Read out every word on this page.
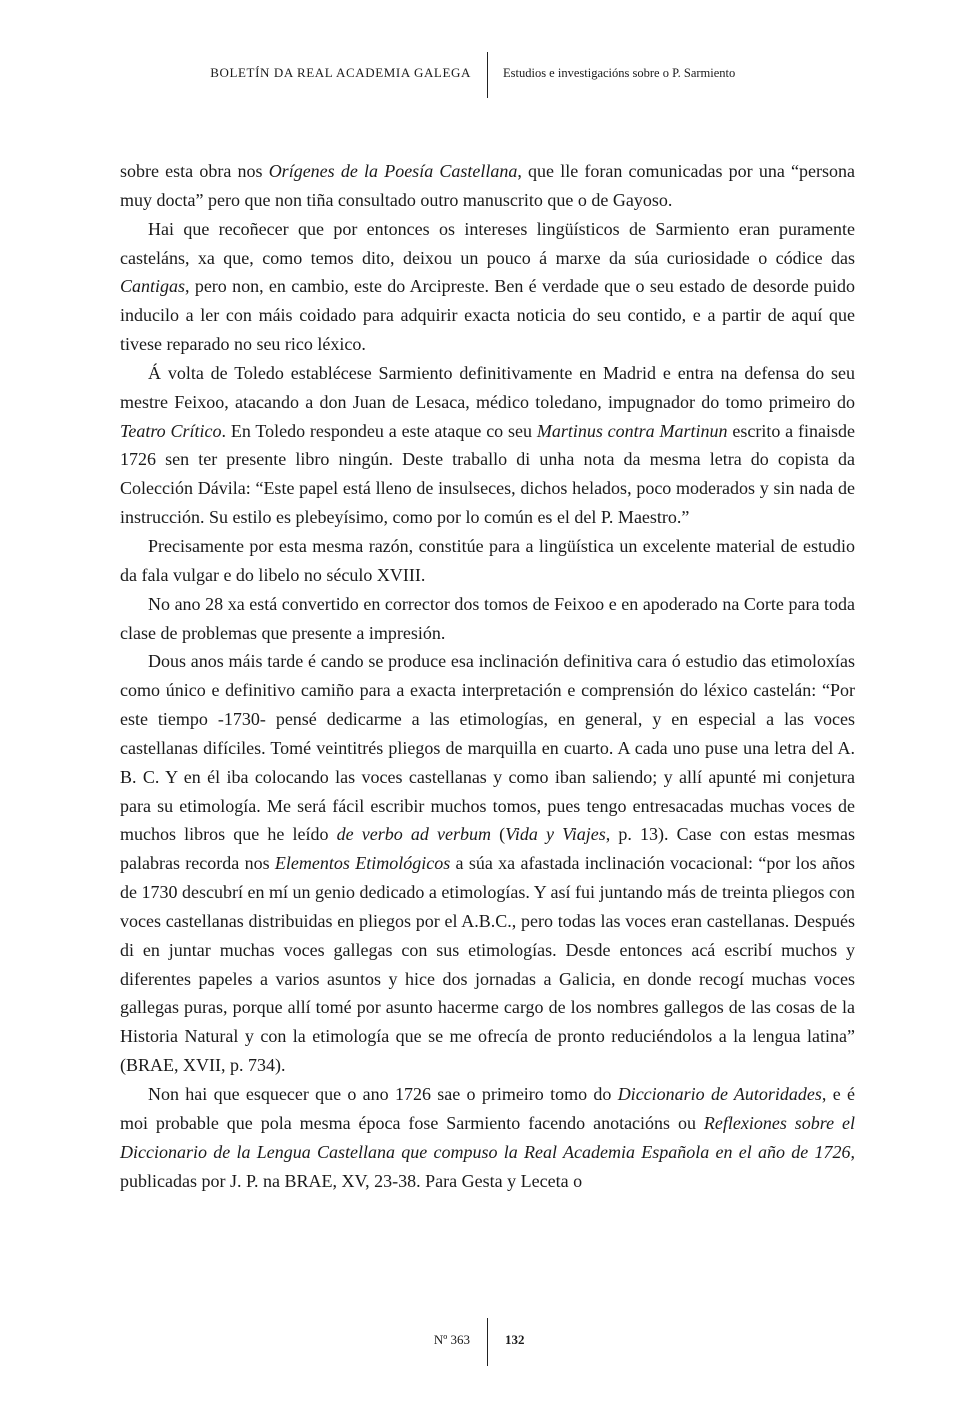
BOLETÍN DA REAL ACADEMIA GALEGA	Estudios e investigacións sobre o P. Sarmiento

sobre esta obra nos Orígenes de la Poesía Castellana, que lle foran comunicadas por una “persona muy docta” pero que non tiña consultado outro manuscrito que o de Gayoso.

Hai que recoñecer que por entonces os intereses lingüísticos de Sarmiento eran puramente casteláns, xa que, como temos dito, deixou un pouco á marxe da súa curiosidade o códice das Cantigas, pero non, en cambio, este do Arcipreste. Ben é verdade que o seu estado de desorde puido inducilo a ler con máis coidado para adquirir exacta noticia do seu contido, e a partir de aquí que tivese reparado no seu rico léxico.

Á volta de Toledo establécese Sarmiento definitivamente en Madrid e entra na defensa do seu mestre Feixoo, atacando a don Juan de Lesaca, médico toledano, impugnador do tomo primeiro do Teatro Crítico. En Toledo respondeu a este ataque co seu Martinus contra Martinun escrito a finaisde 1726 sen ter presente libro ningún. Deste traballo di unha nota da mesma letra do copista da Colección Dávila: “Este papel está lleno de insulseces, dichos helados, poco moderados y sin nada de instrucción. Su estilo es plebeyísimo, como por lo común es el del P. Maestro.”

Precisamente por esta mesma razón, constitúe para a lingüística un excelente material de estudio da fala vulgar e do libelo no século XVIII.

No ano 28 xa está convertido en corrector dos tomos de Feixoo e en apoderado na Corte para toda clase de problemas que presente a impresión.

Dous anos máis tarde é cando se produce esa inclinación definitiva cara ó estudio das etimoloxías como único e definitivo camiño para a exacta interpretación e comprensión do léxico castelán: “Por este tiempo -1730- pensé dedicarme a las etimologías, en general, y en especial a las voces castellanas difíciles. Tomé veintitrés pliegos de marquilla en cuarto. A cada uno puse una letra del A. B. C. Y en él iba colocando las voces castellanas y como iban saliendo; y allí apunté mi conjetura para su etimología. Me será fácil escribir muchos tomos, pues tengo entresacadas muchas voces de muchos libros que he leído de verbo ad verbum (Vida y Viajes, p. 13). Case con estas mesmas palabras recorda nos Elementos Etimológicos a súa xa afastada inclinación vocacional: “por los años de 1730 descubrí en mí un genio dedicado a etimologías. Y así fui juntando más de treinta pliegos con voces castellanas distribuidas en pliegos por el A.B.C., pero todas las voces eran castellanas. Después di en juntar muchas voces gallegas con sus etimologías. Desde entonces acá escribí muchos y diferentes papeles a varios asuntos y hice dos jornadas a Galicia, en donde recogí muchas voces gallegas puras, porque allí tomé por asunto hacerme cargo de los nombres gallegos de las cosas de la Historia Natural y con la etimología que se me ofrecía de pronto reduciéndolos a la lengua latina” (BRAE, XVII, p. 734).

Non hai que esquecer que o ano 1726 sae o primeiro tomo do Diccionario de Autoridades, e é moi probable que pola mesma época fose Sarmiento facendo anotacións ou Reflexiones sobre el Diccionario de la Lengua Castellana que compuso la Real Academia Española en el año de 1726, publicadas por J. P. na BRAE, XV, 23-38. Para Gesta y Leceta o

Nº 363	132
